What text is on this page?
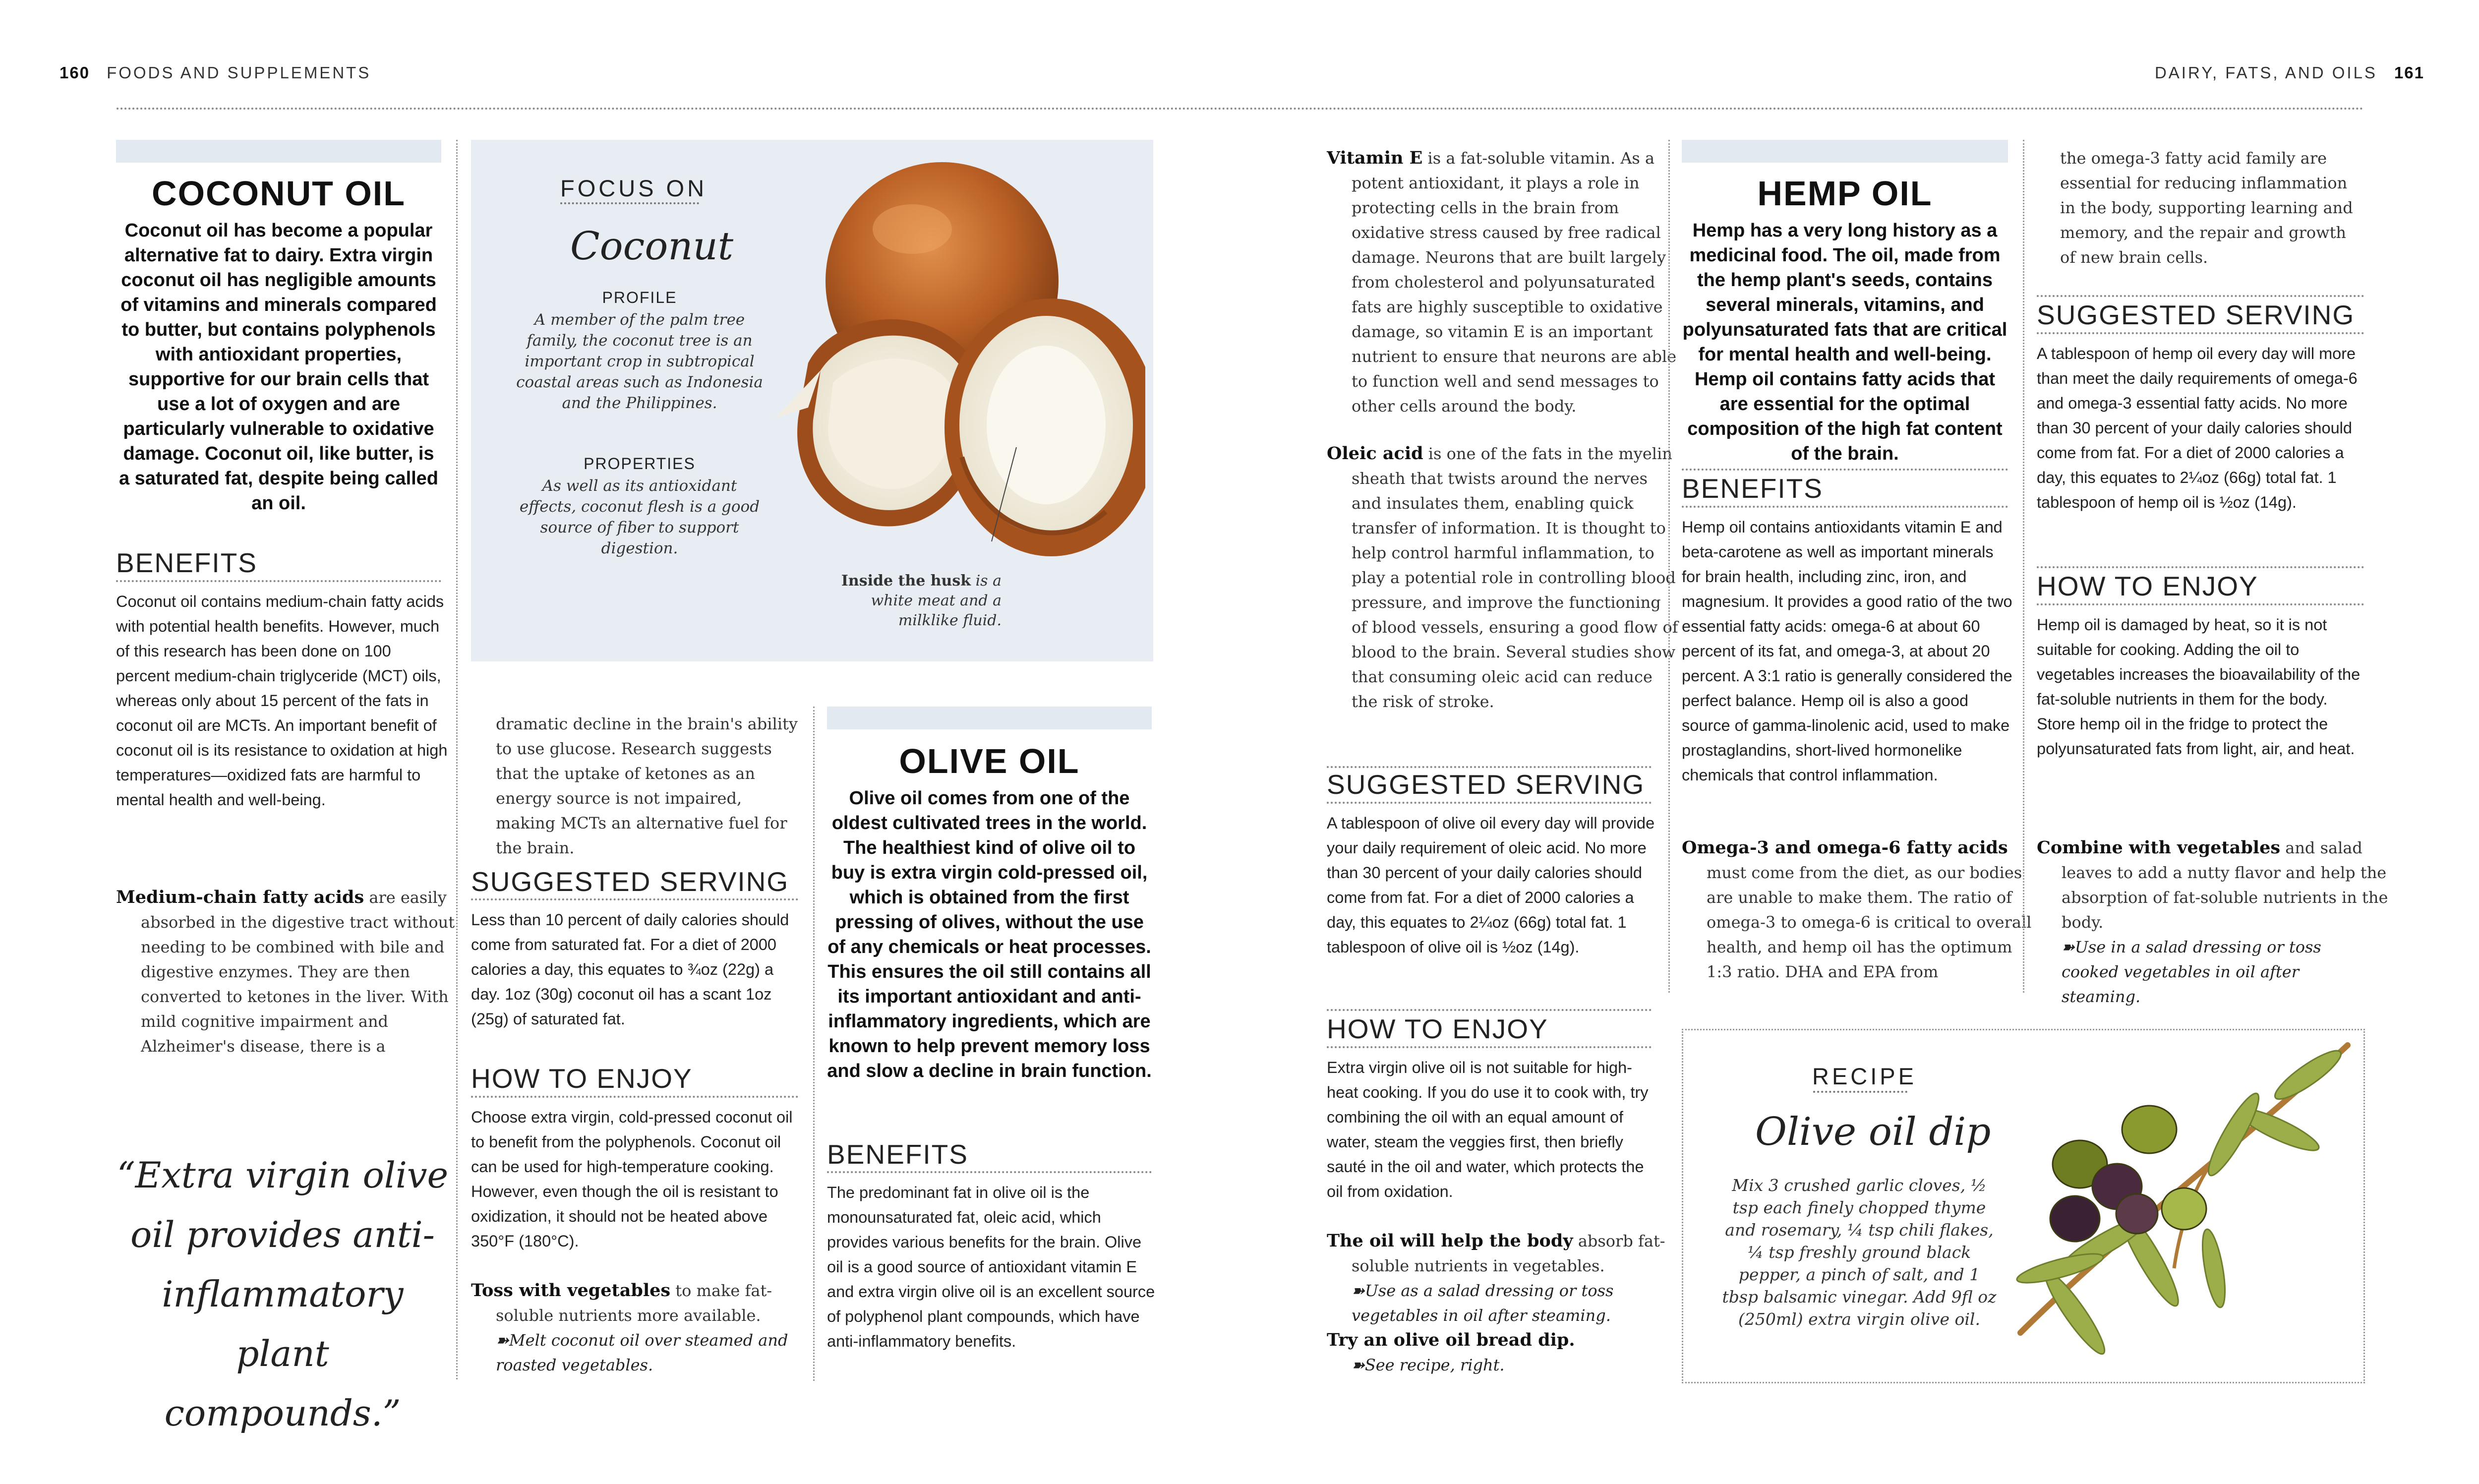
160 FOODS AND SUPPLEMENTS	DAIRY, FATS, AND OILS 161
COCONUT OIL
Coconut oil has become a popular alternative fat to dairy. Extra virgin coconut oil has negligible amounts of vitamins and minerals compared to butter, but contains polyphenols with antioxidant properties, supportive for our brain cells that use a lot of oxygen and are particularly vulnerable to oxidative damage. Coconut oil, like butter, is a saturated fat, despite being called an oil.
BENEFITS
Coconut oil contains medium-chain fatty acids with potential health benefits. However, much of this research has been done on 100 percent medium-chain triglyceride (MCT) oils, whereas only about 15 percent of the fats in coconut oil are MCTs. An important benefit of coconut oil is its resistance to oxidation at high temperatures—oxidized fats are harmful to mental health and well-being.
Medium-chain fatty acids are easily absorbed in the digestive tract without needing to be combined with bile and digestive enzymes. They are then converted to ketones in the liver. With mild cognitive impairment and Alzheimer's disease, there is a
“Extra virgin olive oil provides anti-inflammatory plant compounds.”
FOCUS ON
Coconut
PROFILE
A member of the palm tree family, the coconut tree is an important crop in subtropical coastal areas such as Indonesia and the Philippines.
PROPERTIES
As well as its antioxidant effects, coconut flesh is a good source of fiber to support digestion.
Inside the husk is a white meat and a milklike fluid.
dramatic decline in the brain's ability to use glucose. Research suggests that the uptake of ketones as an energy source is not impaired, making MCTs an alternative fuel for the brain.
SUGGESTED SERVING
Less than 10 percent of daily calories should come from saturated fat. For a diet of 2000 calories a day, this equates to ¾oz (22g) a day. 1oz (30g) coconut oil has a scant 1oz (25g) of saturated fat.
HOW TO ENJOY
Choose extra virgin, cold-pressed coconut oil to benefit from the polyphenols. Coconut oil can be used for high-temperature cooking. However, even though the oil is resistant to oxidization, it should not be heated above 350°F (180°C).
Toss with vegetables to make fat-soluble nutrients more available.
➽Melt coconut oil over steamed and roasted vegetables.
OLIVE OIL
Olive oil comes from one of the oldest cultivated trees in the world. The healthiest kind of olive oil to buy is extra virgin cold-pressed oil, which is obtained from the first pressing of olives, without the use of any chemicals or heat processes. This ensures the oil still contains all its important antioxidant and anti-inflammatory ingredients, which are known to help prevent memory loss and slow a decline in brain function.
BENEFITS
The predominant fat in olive oil is the monounsaturated fat, oleic acid, which provides various benefits for the brain. Olive oil is a good source of antioxidant vitamin E and extra virgin olive oil is an excellent source of polyphenol plant compounds, which have anti-inflammatory benefits.
Vitamin E is a fat-soluble vitamin. As a potent antioxidant, it plays a role in protecting cells in the brain from oxidative stress caused by free radical damage. Neurons that are built largely from cholesterol and polyunsaturated fats are highly susceptible to oxidative damage, so vitamin E is an important nutrient to ensure that neurons are able to function well and send messages to other cells around the body.
Oleic acid is one of the fats in the myelin sheath that twists around the nerves and insulates them, enabling quick transfer of information. It is thought to help control harmful inflammation, to play a potential role in controlling blood pressure, and improve the functioning of blood vessels, ensuring a good flow of blood to the brain. Several studies show that consuming oleic acid can reduce the risk of stroke.
SUGGESTED SERVING
A tablespoon of olive oil every day will provide your daily requirement of oleic acid. No more than 30 percent of your daily calories should come from fat. For a diet of 2000 calories a day, this equates to 2¼oz (66g) total fat. 1 tablespoon of olive oil is ½oz (14g).
HOW TO ENJOY
Extra virgin olive oil is not suitable for high-heat cooking. If you do use it to cook with, try combining the oil with an equal amount of water, steam the veggies first, then briefly sauté in the oil and water, which protects the oil from oxidation.
The oil will help the body absorb fat-soluble nutrients in vegetables.
➽Use as a salad dressing or toss vegetables in oil after steaming.
Try an olive oil bread dip.
➽See recipe, right.
HEMP OIL
Hemp has a very long history as a medicinal food. The oil, made from the hemp plant's seeds, contains several minerals, vitamins, and polyunsaturated fats that are critical for mental health and well-being. Hemp oil contains fatty acids that are essential for the optimal composition of the high fat content of the brain.
BENEFITS
Hemp oil contains antioxidants vitamin E and beta-carotene as well as important minerals for brain health, including zinc, iron, and magnesium. It provides a good ratio of the two essential fatty acids: omega-6 at about 60 percent of its fat, and omega-3, at about 20 percent. A 3:1 ratio is generally considered the perfect balance. Hemp oil is also a good source of gamma-linolenic acid, used to make prostaglandins, short-lived hormonelike chemicals that control inflammation.
Omega-3 and omega-6 fatty acids must come from the diet, as our bodies are unable to make them. The ratio of omega-3 to omega-6 is critical to overall health, and hemp oil has the optimum 1:3 ratio. DHA and EPA from
the omega-3 fatty acid family are essential for reducing inflammation in the body, supporting learning and memory, and the repair and growth of new brain cells.
SUGGESTED SERVING
A tablespoon of hemp oil every day will more than meet the daily requirements of omega-6 and omega-3 essential fatty acids. No more than 30 percent of your daily calories should come from fat. For a diet of 2000 calories a day, this equates to 2¼oz (66g) total fat. 1 tablespoon of hemp oil is ½oz (14g).
HOW TO ENJOY
Hemp oil is damaged by heat, so it is not suitable for cooking. Adding the oil to vegetables increases the bioavailability of the fat-soluble nutrients in them for the body. Store hemp oil in the fridge to protect the polyunsaturated fats from light, air, and heat.
Combine with vegetables and salad leaves to add a nutty flavor and help the absorption of fat-soluble nutrients in the body.
➽Use in a salad dressing or toss cooked vegetables in oil after steaming.
RECIPE
Olive oil dip
Mix 3 crushed garlic cloves, ½ tsp each finely chopped thyme and rosemary, ¼ tsp chili flakes, ¼ tsp freshly ground black pepper, a pinch of salt, and 1 tbsp balsamic vinegar. Add 9fl oz (250ml) extra virgin olive oil.
